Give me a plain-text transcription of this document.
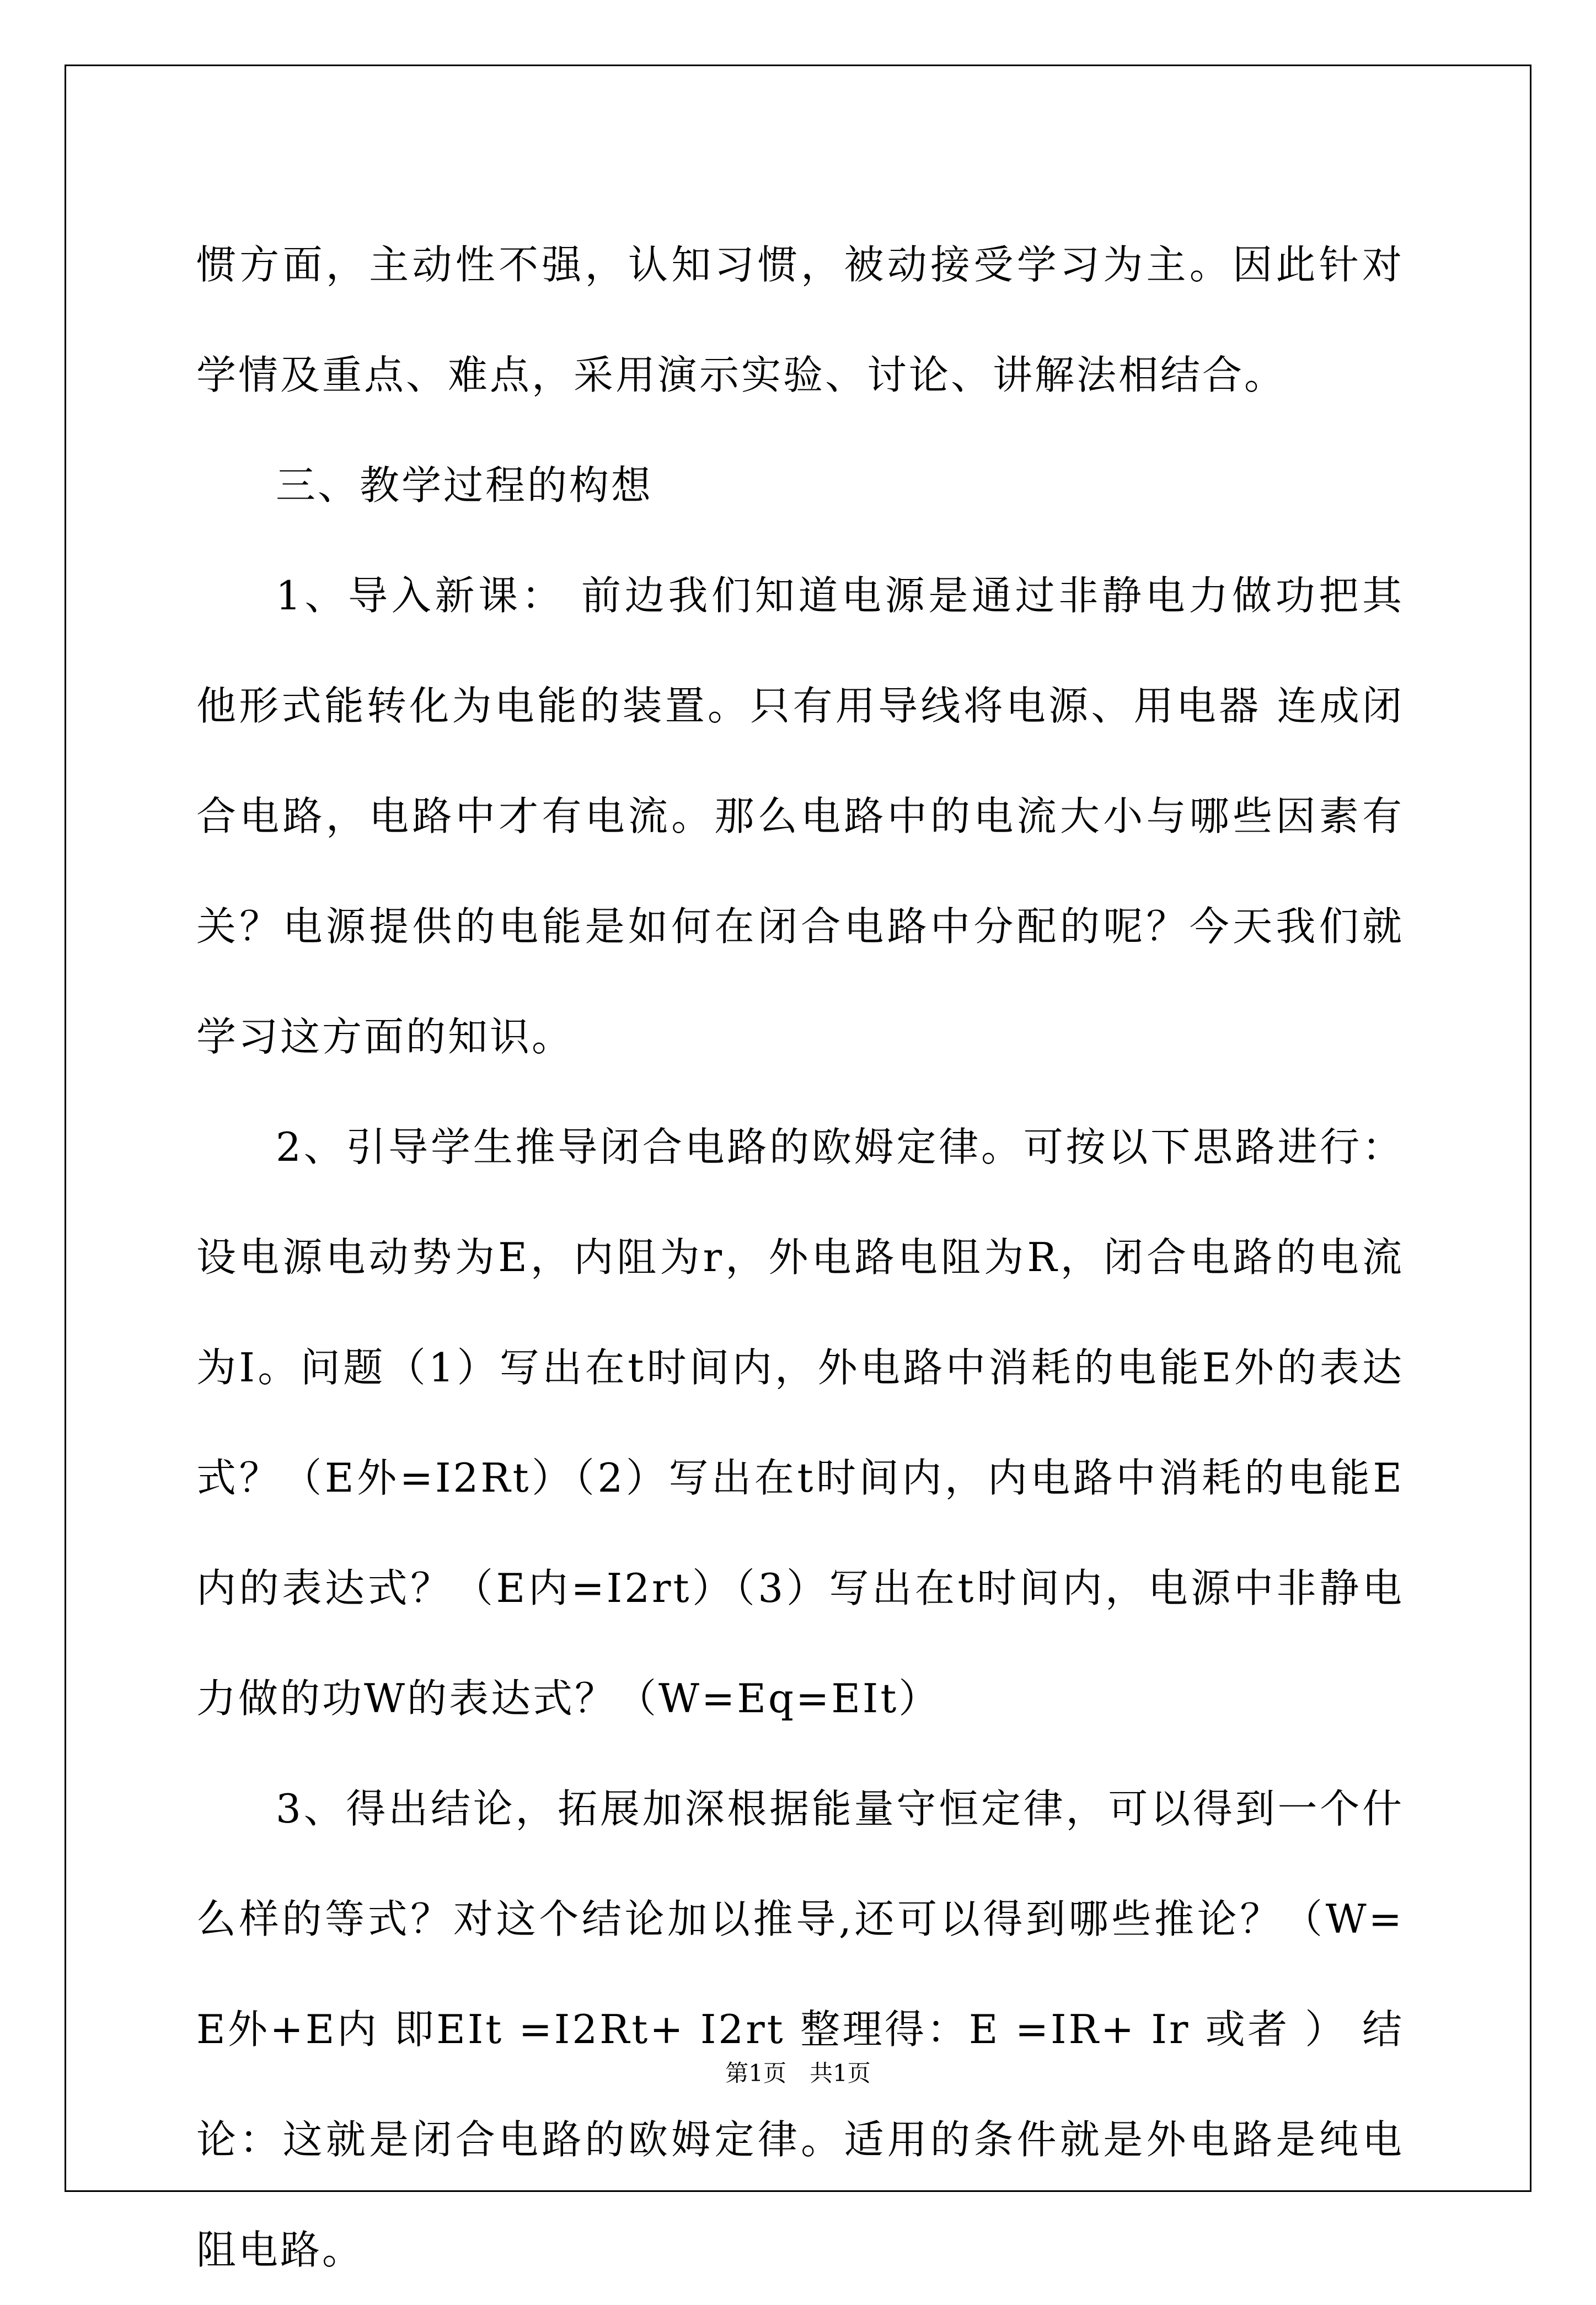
惯方面，主动性不强，认知习惯，被动接受学习为主。因此针对学情及重点、难点，采用演示实验、讨论、讲解法相结合。

三、教学过程的构想

1、导入新课： 前边我们知道电源是通过非静电力做功把其他形式能转化为电能的装置。只有用导线将电源、用电器 连成闭合电路，电路中才有电流。那么电路中的电流大小与哪些因素有关？电源提供的电能是如何在闭合电路中分配的呢？今天我们就学习这方面的知识。

2、引导学生推导闭合电路的欧姆定律。可按以下思路进行：设电源电动势为E，内阻为r，外电路电阻为R，闭合电路的电流为I。问题（1）写出在t时间内，外电路中消耗的电能E外的表达式？（E外=I2Rt）（2）写出在t时间内，内电路中消耗的电能E内的表达式？（E内=I2rt）（3）写出在t时间内，电源中非静电力做的功W的表达式？（W=Eq=EIt）

3、得出结论，拓展加深根据能量守恒定律，可以得到一个什么样的等式？对这个结论加以推导,还可以得到哪些推论？（W= E外+E内 即EIt =I2Rt+ I2rt 整理得：E =IR+ Ir 或者 ） 结论：这就是闭合电路的欧姆定律。适用的条件就是外电路是纯电阻电路。

第1页　共1页
